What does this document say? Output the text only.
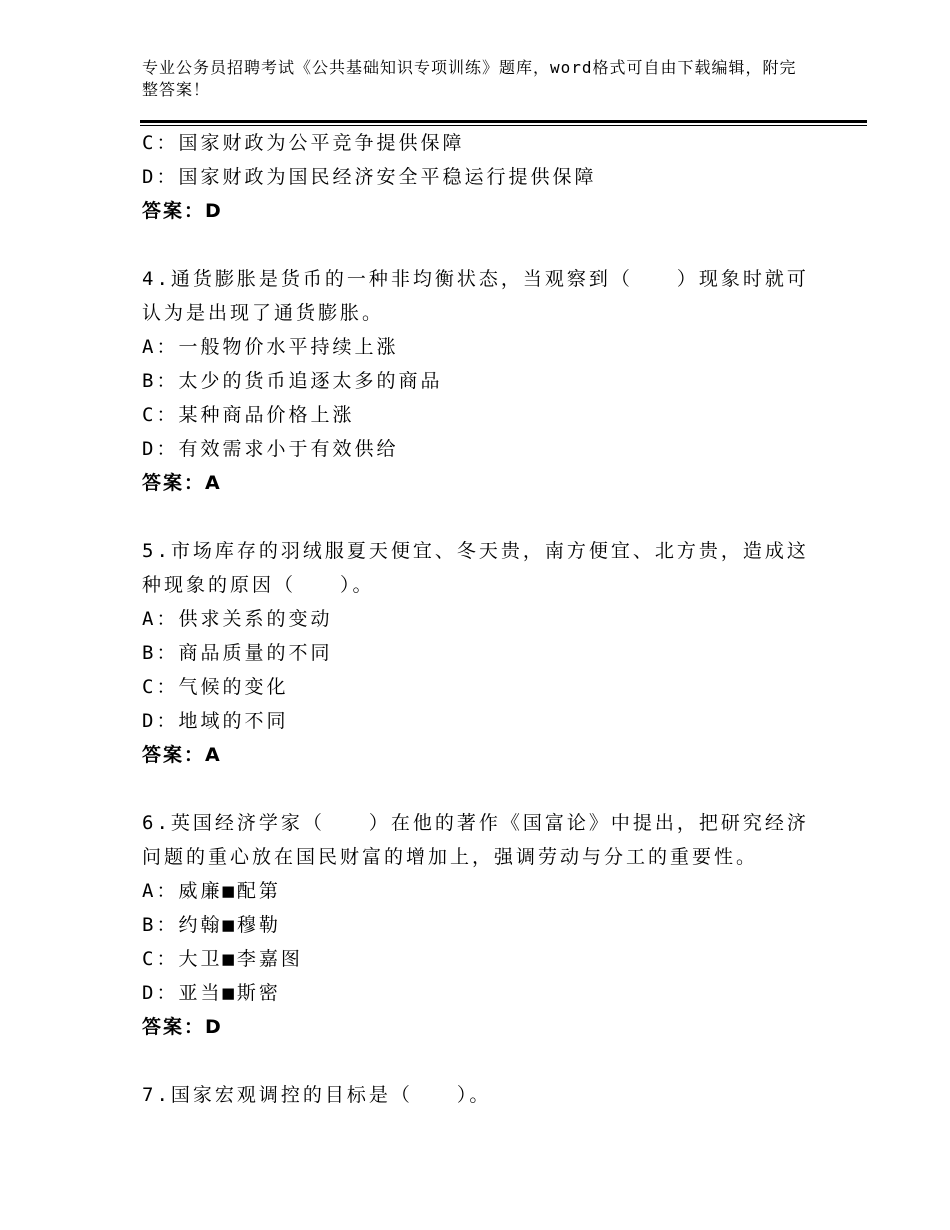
专业公务员招聘考试《公共基础知识专项训练》题库，word格式可自由下载编辑，附完整答案！
C：国家财政为公平竞争提供保障
D：国家财政为国民经济安全平稳运行提供保障
答案：D
4.通货膨胀是货币的一种非均衡状态，当观察到（　　）现象时就可认为是出现了通货膨胀。
A：一般物价水平持续上涨
B：太少的货币追逐太多的商品
C：某种商品价格上涨
D：有效需求小于有效供给
答案：A
5.市场库存的羽绒服夏天便宜、冬天贵，南方便宜、北方贵，造成这种现象的原因（　　）。
A：供求关系的变动
B：商品质量的不同
C：气候的变化
D：地域的不同
答案：A
6.英国经济学家（　　）在他的著作《国富论》中提出，把研究经济问题的重心放在国民财富的增加上，强调劳动与分工的重要性。
A：威廉■配第
B：约翰■穆勒
C：大卫■李嘉图
D：亚当■斯密
答案：D
7.国家宏观调控的目标是（　　）。
